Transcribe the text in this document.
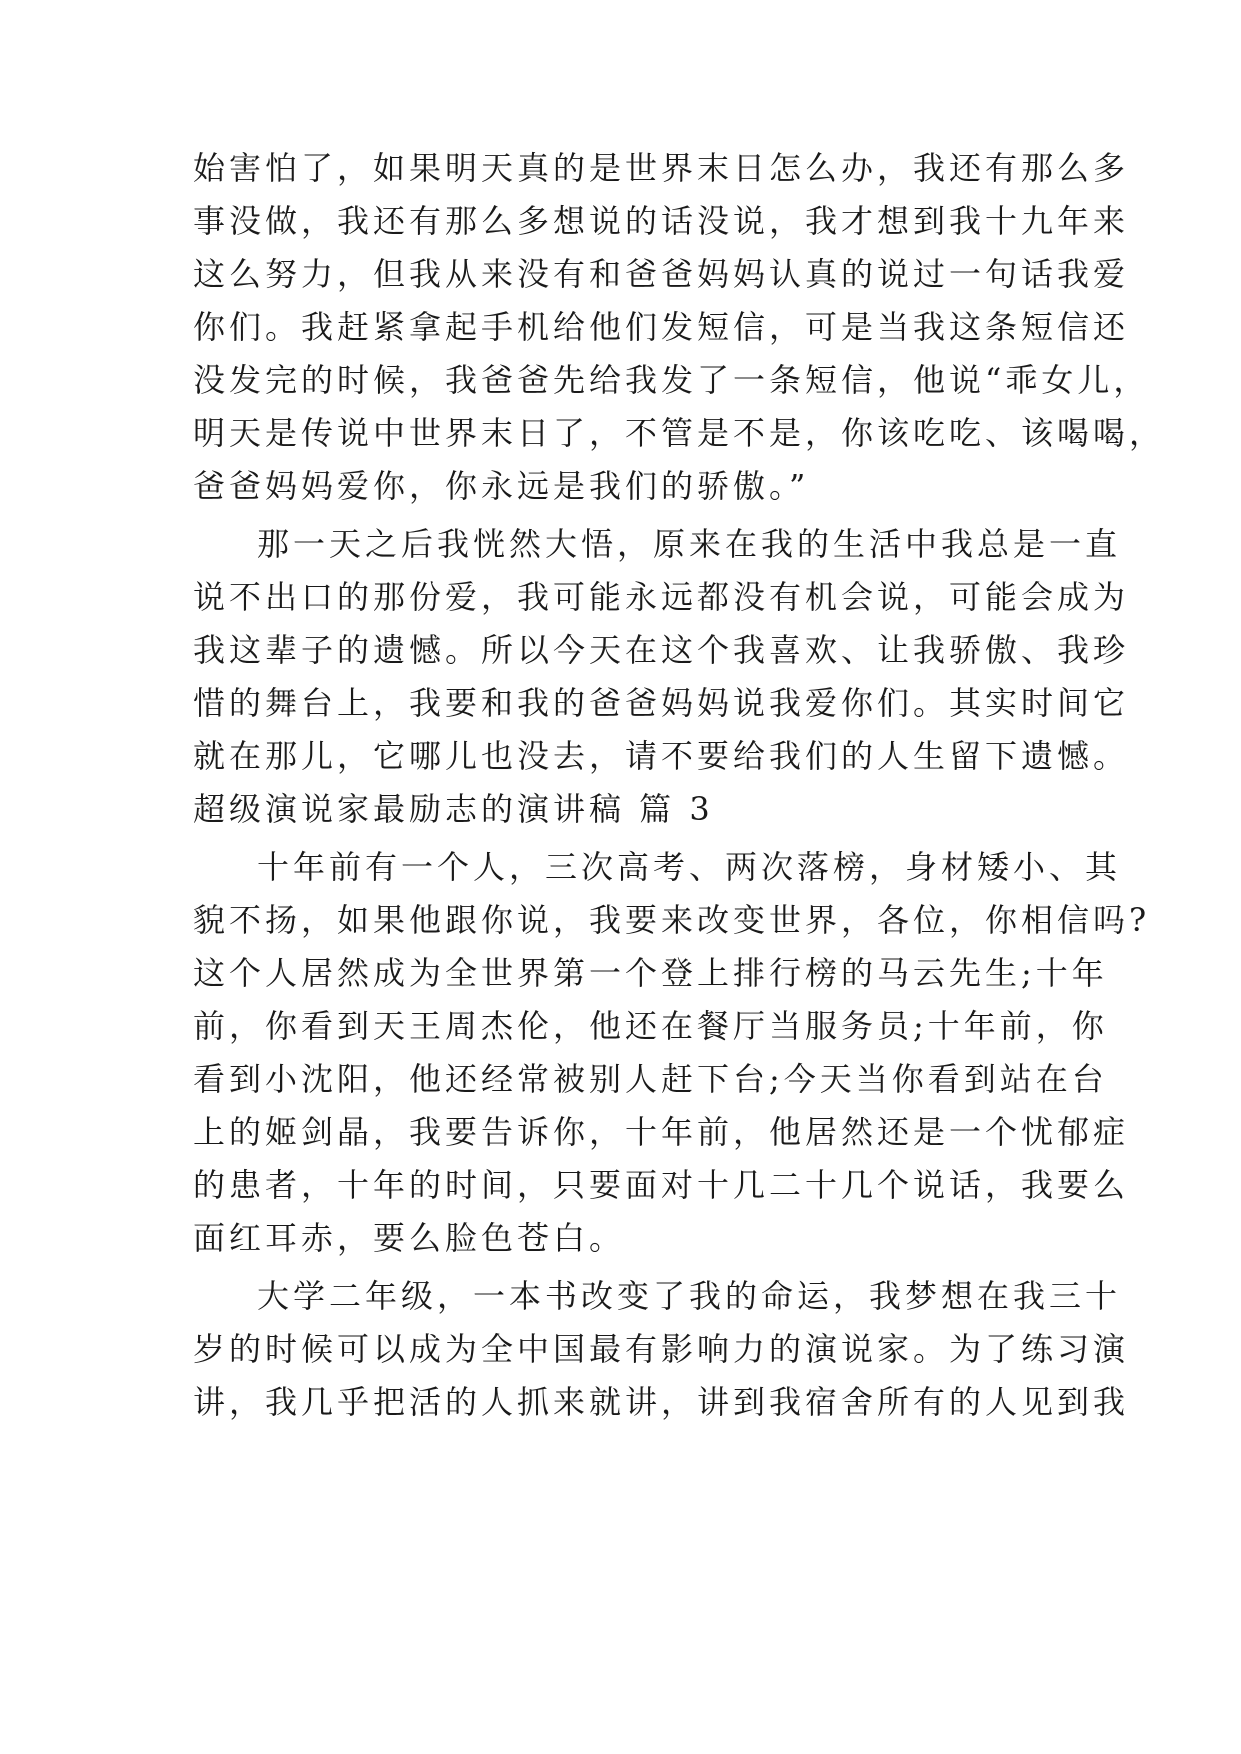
始害怕了，如果明天真的是世界末日怎么办，我还有那么多
事没做，我还有那么多想说的话没说，我才想到我十九年来
这么努力，但我从来没有和爸爸妈妈认真的说过一句话我爱
你们。我赶紧拿起手机给他们发短信，可是当我这条短信还
没发完的时候，我爸爸先给我发了一条短信，他说“乖女儿，
明天是传说中世界末日了，不管是不是，你该吃吃、该喝喝，
爸爸妈妈爱你，你永远是我们的骄傲。”
那一天之后我恍然大悟，原来在我的生活中我总是一直
说不出口的那份爱，我可能永远都没有机会说，可能会成为
我这辈子的遗憾。所以今天在这个我喜欢、让我骄傲、我珍
惜的舞台上，我要和我的爸爸妈妈说我爱你们。其实时间它
就在那儿，它哪儿也没去，请不要给我们的人生留下遗憾。
超级演说家最励志的演讲稿 篇 3
十年前有一个人，三次高考、两次落榜，身材矮小、其
貌不扬，如果他跟你说，我要来改变世界，各位，你相信吗?
这个人居然成为全世界第一个登上排行榜的马云先生;十年
前，你看到天王周杰伦，他还在餐厅当服务员;十年前，你
看到小沈阳，他还经常被别人赶下台;今天当你看到站在台
上的姬剑晶，我要告诉你，十年前，他居然还是一个忧郁症
的患者，十年的时间，只要面对十几二十几个说话，我要么
面红耳赤，要么脸色苍白。
大学二年级，一本书改变了我的命运，我梦想在我三十
岁的时候可以成为全中国最有影响力的演说家。为了练习演
讲，我几乎把活的人抓来就讲，讲到我宿舍所有的人见到我
